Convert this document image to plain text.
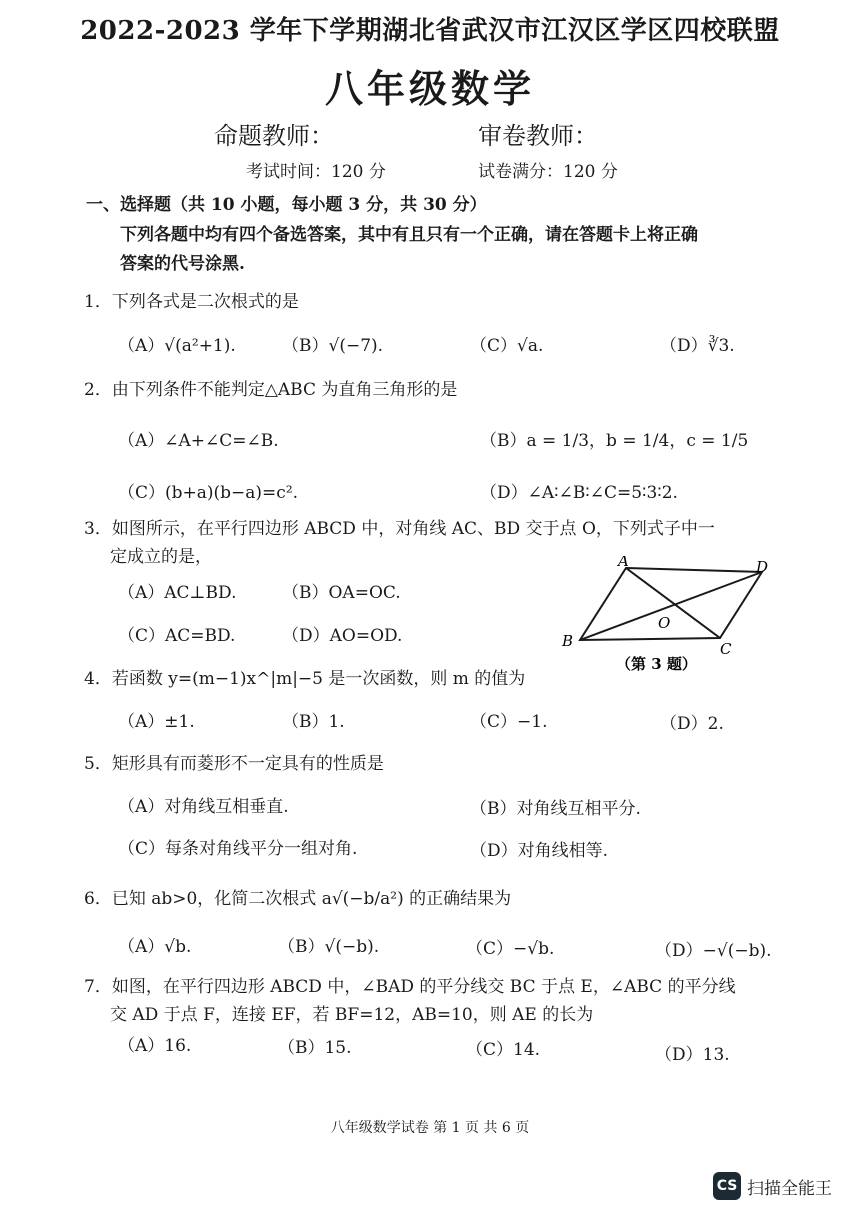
2022-2023 学年下学期湖北省武汉市江汉区学区四校联盟
八年级数学
命题教师：	审卷教师：
考试时间：120 分	试卷满分：120 分
一、选择题（共 10 小题，每小题 3 分，共 30 分）
下列各题中均有四个备选答案，其中有且只有一个正确，请在答题卡上将正确
答案的代号涂黑.
1．下列各式是二次根式的是
（A）√(a²+1).	（B）√(−7).	（C）√a.	（D）∛3.
2．由下列条件不能判定△ABC 为直角三角形的是
（A）∠A+∠C=∠B.	（B）a = 1/3，b = 1/4，c = 1/5
（C）(b+a)(b−a)=c².	（D）∠A∶∠B∶∠C=5∶3∶2.
3．如图所示，在平行四边形 ABCD 中，对角线 AC、BD 交于点 O，下列式子中一
定成立的是，
（A）AC⊥BD.	（B）OA=OC.
（C）AC=BD.	（D）AO=OD.
A	D
B	C
O
（第 3 题）
4．若函数 y=(m−1)x^|m|−5 是一次函数，则 m 的值为
（A）±1.	（B）1.	（C）−1.	（D）2.
5．矩形具有而菱形不一定具有的性质是
（A）对角线互相垂直.	（B）对角线互相平分.
（C）每条对角线平分一组对角.	（D）对角线相等.
6．已知 ab>0，化简二次根式 a√(−b/a²) 的正确结果为
（A）√b.	（B）√(−b).	（C）−√b.	（D）−√(−b).
7．如图，在平行四边形 ABCD 中，∠BAD 的平分线交 BC 于点 E，∠ABC 的平分线
交 AD 于点 F，连接 EF，若 BF=12，AB=10，则 AE 的长为
（A）16.	（B）15.	（C）14.	（D）13.
八年级数学试卷 第 1 页 共 6 页
CS 扫描全能王
